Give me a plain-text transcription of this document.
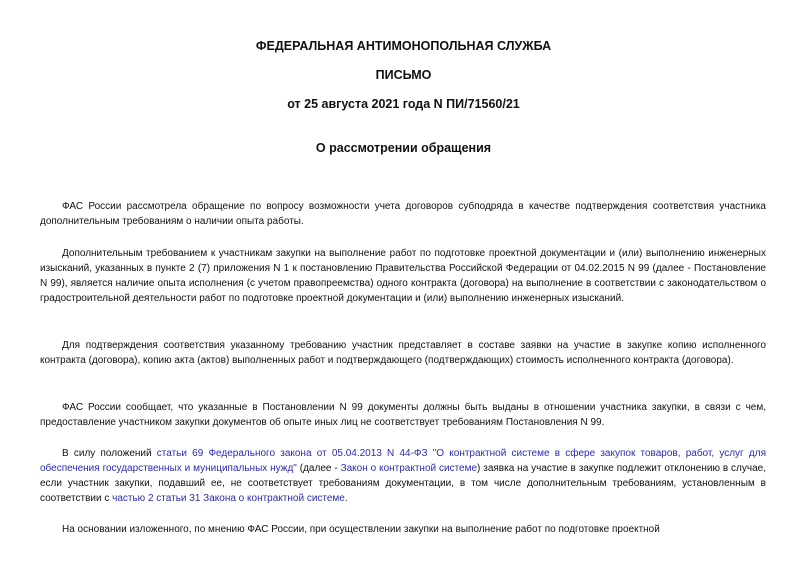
ФЕДЕРАЛЬНАЯ АНТИМОНОПОЛЬНАЯ СЛУЖБА
ПИСЬМО
от 25 августа 2021 года N ПИ/71560/21
О рассмотрении обращения
ФАС России рассмотрела обращение по вопросу возможности учета договоров субподряда в качестве подтверждения соответствия участника дополнительным требованиям о наличии опыта работы.
Дополнительным требованием к участникам закупки на выполнение работ по подготовке проектной документации и (или) выполнению инженерных изысканий, указанных в пункте 2 (7) приложения N 1 к постановлению Правительства Российской Федерации от 04.02.2015 N 99 (далее - Постановление N 99), является наличие опыта исполнения (с учетом правопреемства) одного контракта (договора) на выполнение в соответствии с законодательством о градостроительной деятельности работ по подготовке проектной документации и (или) выполнению инженерных изысканий.
Для подтверждения соответствия указанному требованию участник представляет в составе заявки на участие в закупке копию исполненного контракта (договора), копию акта (актов) выполненных работ и подтверждающего (подтверждающих) стоимость исполненного контракта (договора).
ФАС России сообщает, что указанные в Постановлении N 99 документы должны быть выданы в отношении участника закупки, в связи с чем, предоставление участником закупки документов об опыте иных лиц не соответствует требованиям Постановления N 99.
В силу положений статьи 69 Федерального закона от 05.04.2013 N 44-ФЗ "О контрактной системе в сфере закупок товаров, работ, услуг для обеспечения государственных и муниципальных нужд" (далее - Закон о контрактной системе) заявка на участие в закупке подлежит отклонению в случае, если участник закупки, подавший ее, не соответствует требованиям документации, в том числе дополнительным требованиям, установленным в соответствии с частью 2 статьи 31 Закона о контрактной системе.
На основании изложенного, по мнению ФАС России, при осуществлении закупки на выполнение работ по подготовке проектной
